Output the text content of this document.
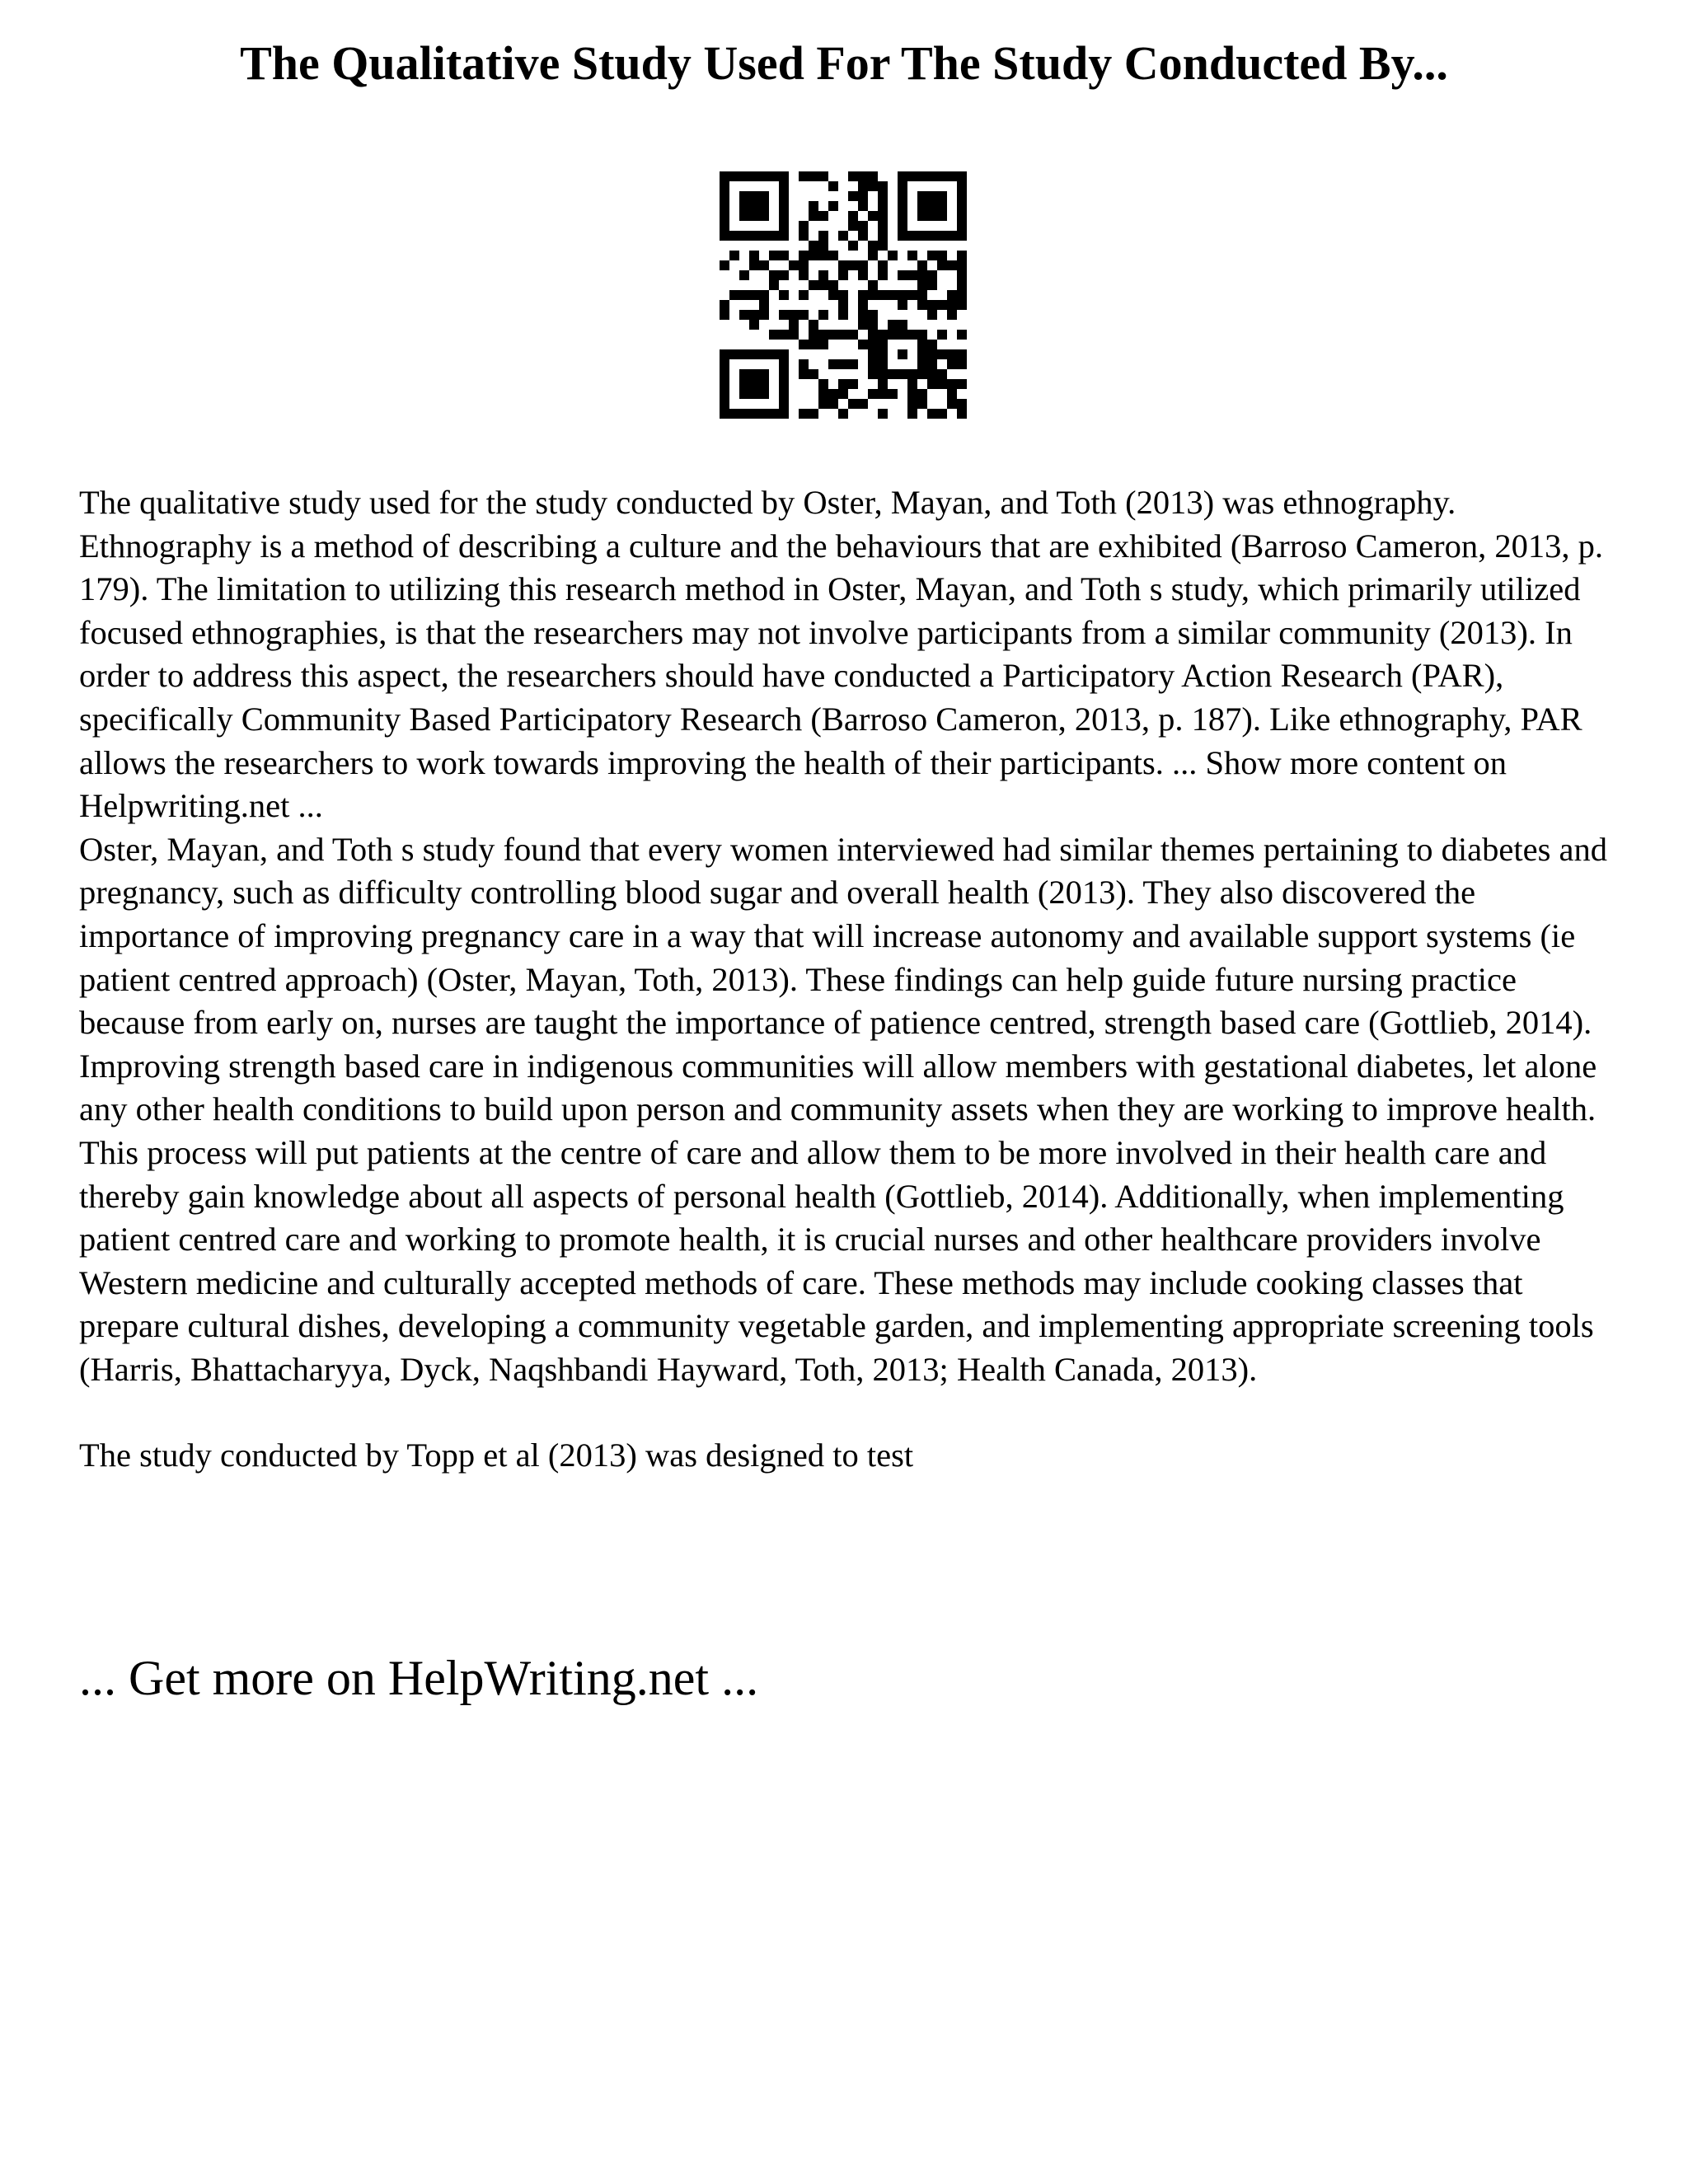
The Qualitative Study Used For The Study Conducted By...

The qualitative study used for the study conducted by Oster, Mayan, and Toth (2013) was ethnography. Ethnography is a method of describing a culture and the behaviours that are exhibited (Barroso Cameron, 2013, p. 179). The limitation to utilizing this research method in Oster, Mayan, and Toth s study, which primarily utilized focused ethnographies, is that the researchers may not involve participants from a similar community (2013). In order to address this aspect, the researchers should have conducted a Participatory Action Research (PAR), specifically Community Based Participatory Research (Barroso Cameron, 2013, p. 187). Like ethnography, PAR allows the researchers to work towards improving the health of their participants. ... Show more content on Helpwriting.net ...

Oster, Mayan, and Toth s study found that every women interviewed had similar themes pertaining to diabetes and pregnancy, such as difficulty controlling blood sugar and overall health (2013). They also discovered the importance of improving pregnancy care in a way that will increase autonomy and available support systems (ie patient centred approach) (Oster, Mayan, Toth, 2013). These findings can help guide future nursing practice because from early on, nurses are taught the importance of patience centred, strength based care (Gottlieb, 2014). Improving strength based care in indigenous communities will allow members with gestational diabetes, let alone any other health conditions to build upon person and community assets when they are working to improve health. This process will put patients at the centre of care and allow them to be more involved in their health care and thereby gain knowledge about all aspects of personal health (Gottlieb, 2014). Additionally, when implementing patient centred care and working to promote health, it is crucial nurses and other healthcare providers involve Western medicine and culturally accepted methods of care. These methods may include cooking classes that prepare cultural dishes, developing a community vegetable garden, and implementing appropriate screening tools (Harris, Bhattacharyya, Dyck, Naqshbandi Hayward, Toth, 2013; Health Canada, 2013).

The study conducted by Topp et al (2013) was designed to test

... Get more on HelpWriting.net ...
